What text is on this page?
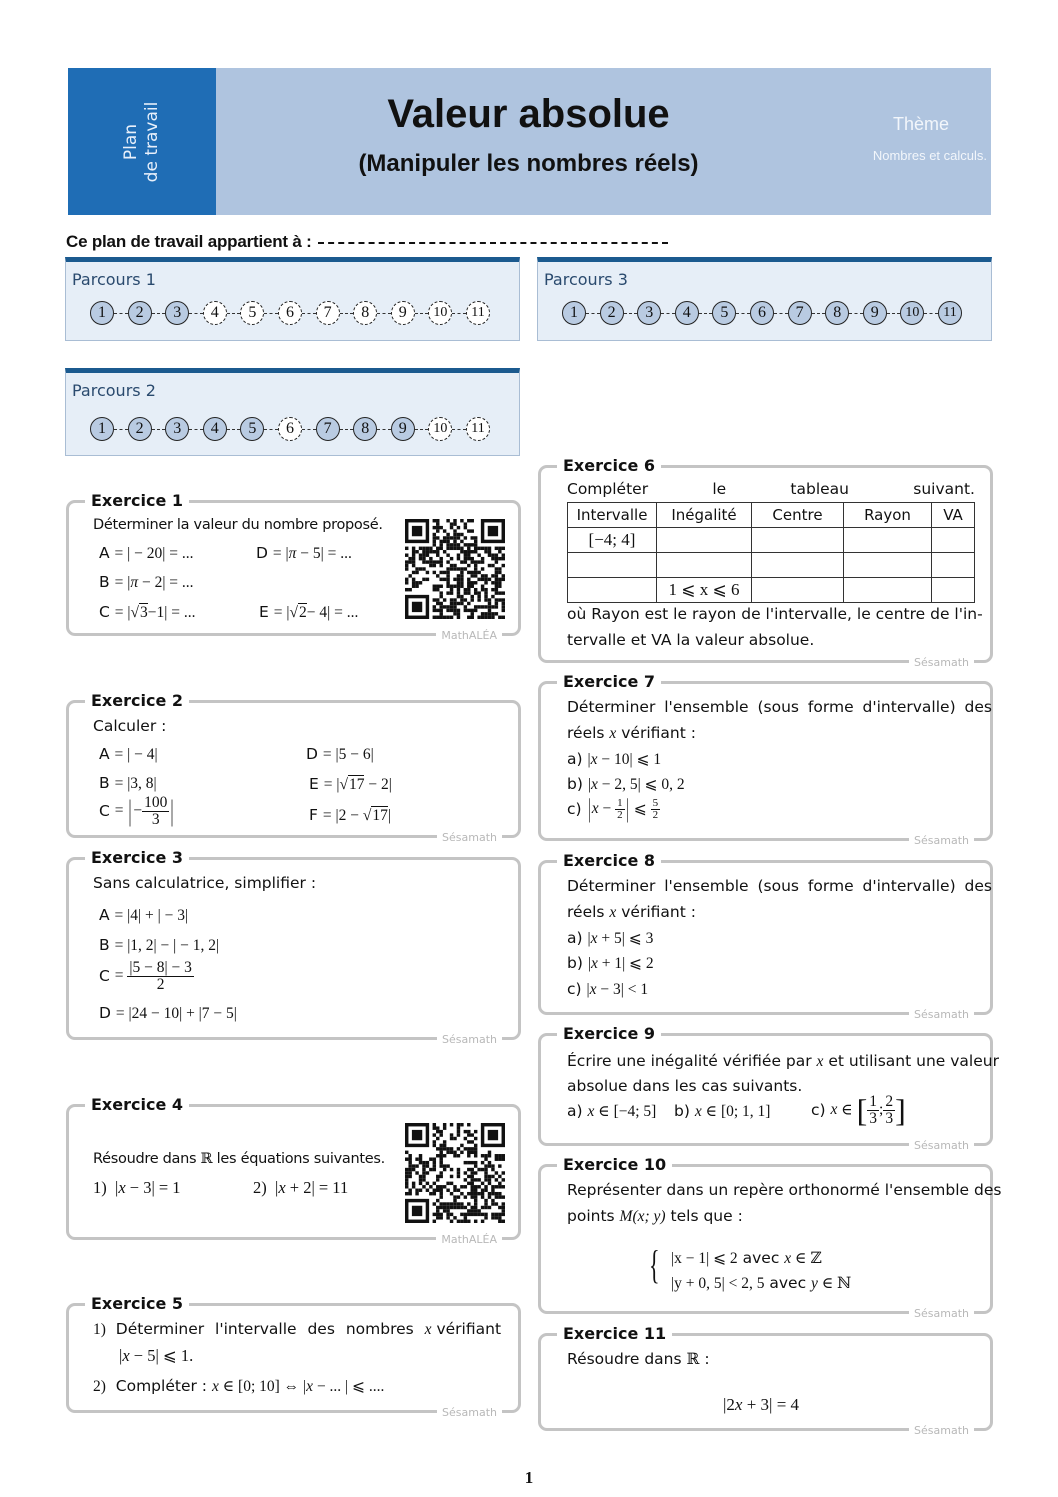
Plan de travail	Valeur absolue
(Manipuler les nombres réels)
Thème
Nombres et calculs.
Ce plan de travail appartient à :
Parcours 1
1	2	3	4	5	6	7	8	9	10	11
Parcours 2
1	2	3	4	5	6	7	8	9	10	11
Parcours 3
1	2	3	4	5	6	7	8	9	10	11
Exercice 1
Déterminer la valeur du nombre proposé.
A = | − 20| = ...
B = |π − 2| = ...
C = |√3−1| = ...
D = |π − 5| = ...
E = |√2− 4| = ...
MathALÉA
Exercice 2
Calculer :
A = | − 4|
B = |3, 8|
C = |− $\frac{100}{3}$ |
D = |5 − 6|
E = |√17 − 2|
F = |2 − √17|
Sésamath
Exercice 3
Sans calculatrice, simplifier :
A = |4| + | − 3|
B = |1, 2| − | − 1, 2|
$C = \frac{|5 - 8| - 3}{2}$
D = |24 − 10| + |7 − 5|
Sésamath
Exercice 4
Résoudre dans ℝ les équations suivantes.
1) |x − 3| = 1	2) |x + 2| = 11
MathALÉA
Exercice 5
1) Déterminer l'intervalle des nombres x vérifiant
|x − 5| ⩽ 1.
2) Compléter : x ∈ [0; 10] ⇔ |x − ... | ⩽ ....
Sésamath
Exercice 6
Compléter	le	tableau	suivant.
Intervalle	Inégalité	Centre	Rayon	VA
[−4; 4]				

	1 ⩽ x ⩽ 6			
où Rayon est le rayon de l'intervalle, le centre de l'in-
tervalle et VA la valeur absolue.
Sésamath
Exercice 7
Déterminer l'ensemble (sous forme d'intervalle) des
réels x vérifiant :
a) |x − 10| ⩽ 1
b) |x − 2, 5| ⩽ 0, 2
c) $|x - \frac{1}{2}$ | ⩽ $\frac{5}{2}$
Sésamath
Exercice 8
Déterminer l'ensemble (sous forme d'intervalle) des
réels x vérifiant :
a) |x + 5| ⩽ 3
b) |x + 1| ⩽ 2
c) |x − 3| < 1
Sésamath
Exercice 9
Écrire une inégalité vérifiée par x et utilisant une valeur
absolue dans les cas suivants.
a) x ∈ [−4; 5] b) x ∈ [0; 1, 1]	c) x ∈ [ $\frac{1}{3}$ ; $\frac{2}{3}$ ]
Sésamath
Exercice 10
Représenter dans un repère orthonormé l'ensemble des
points M(x; y) tels que :
{ |x − 1| ⩽ 2 avec x ∈ ℤ
|y + 0, 5| < 2, 5 avec y ∈ ℕ
Sésamath
Exercice 11
Résoudre dans ℝ :
|2x + 3| = 4
Sésamath
1
